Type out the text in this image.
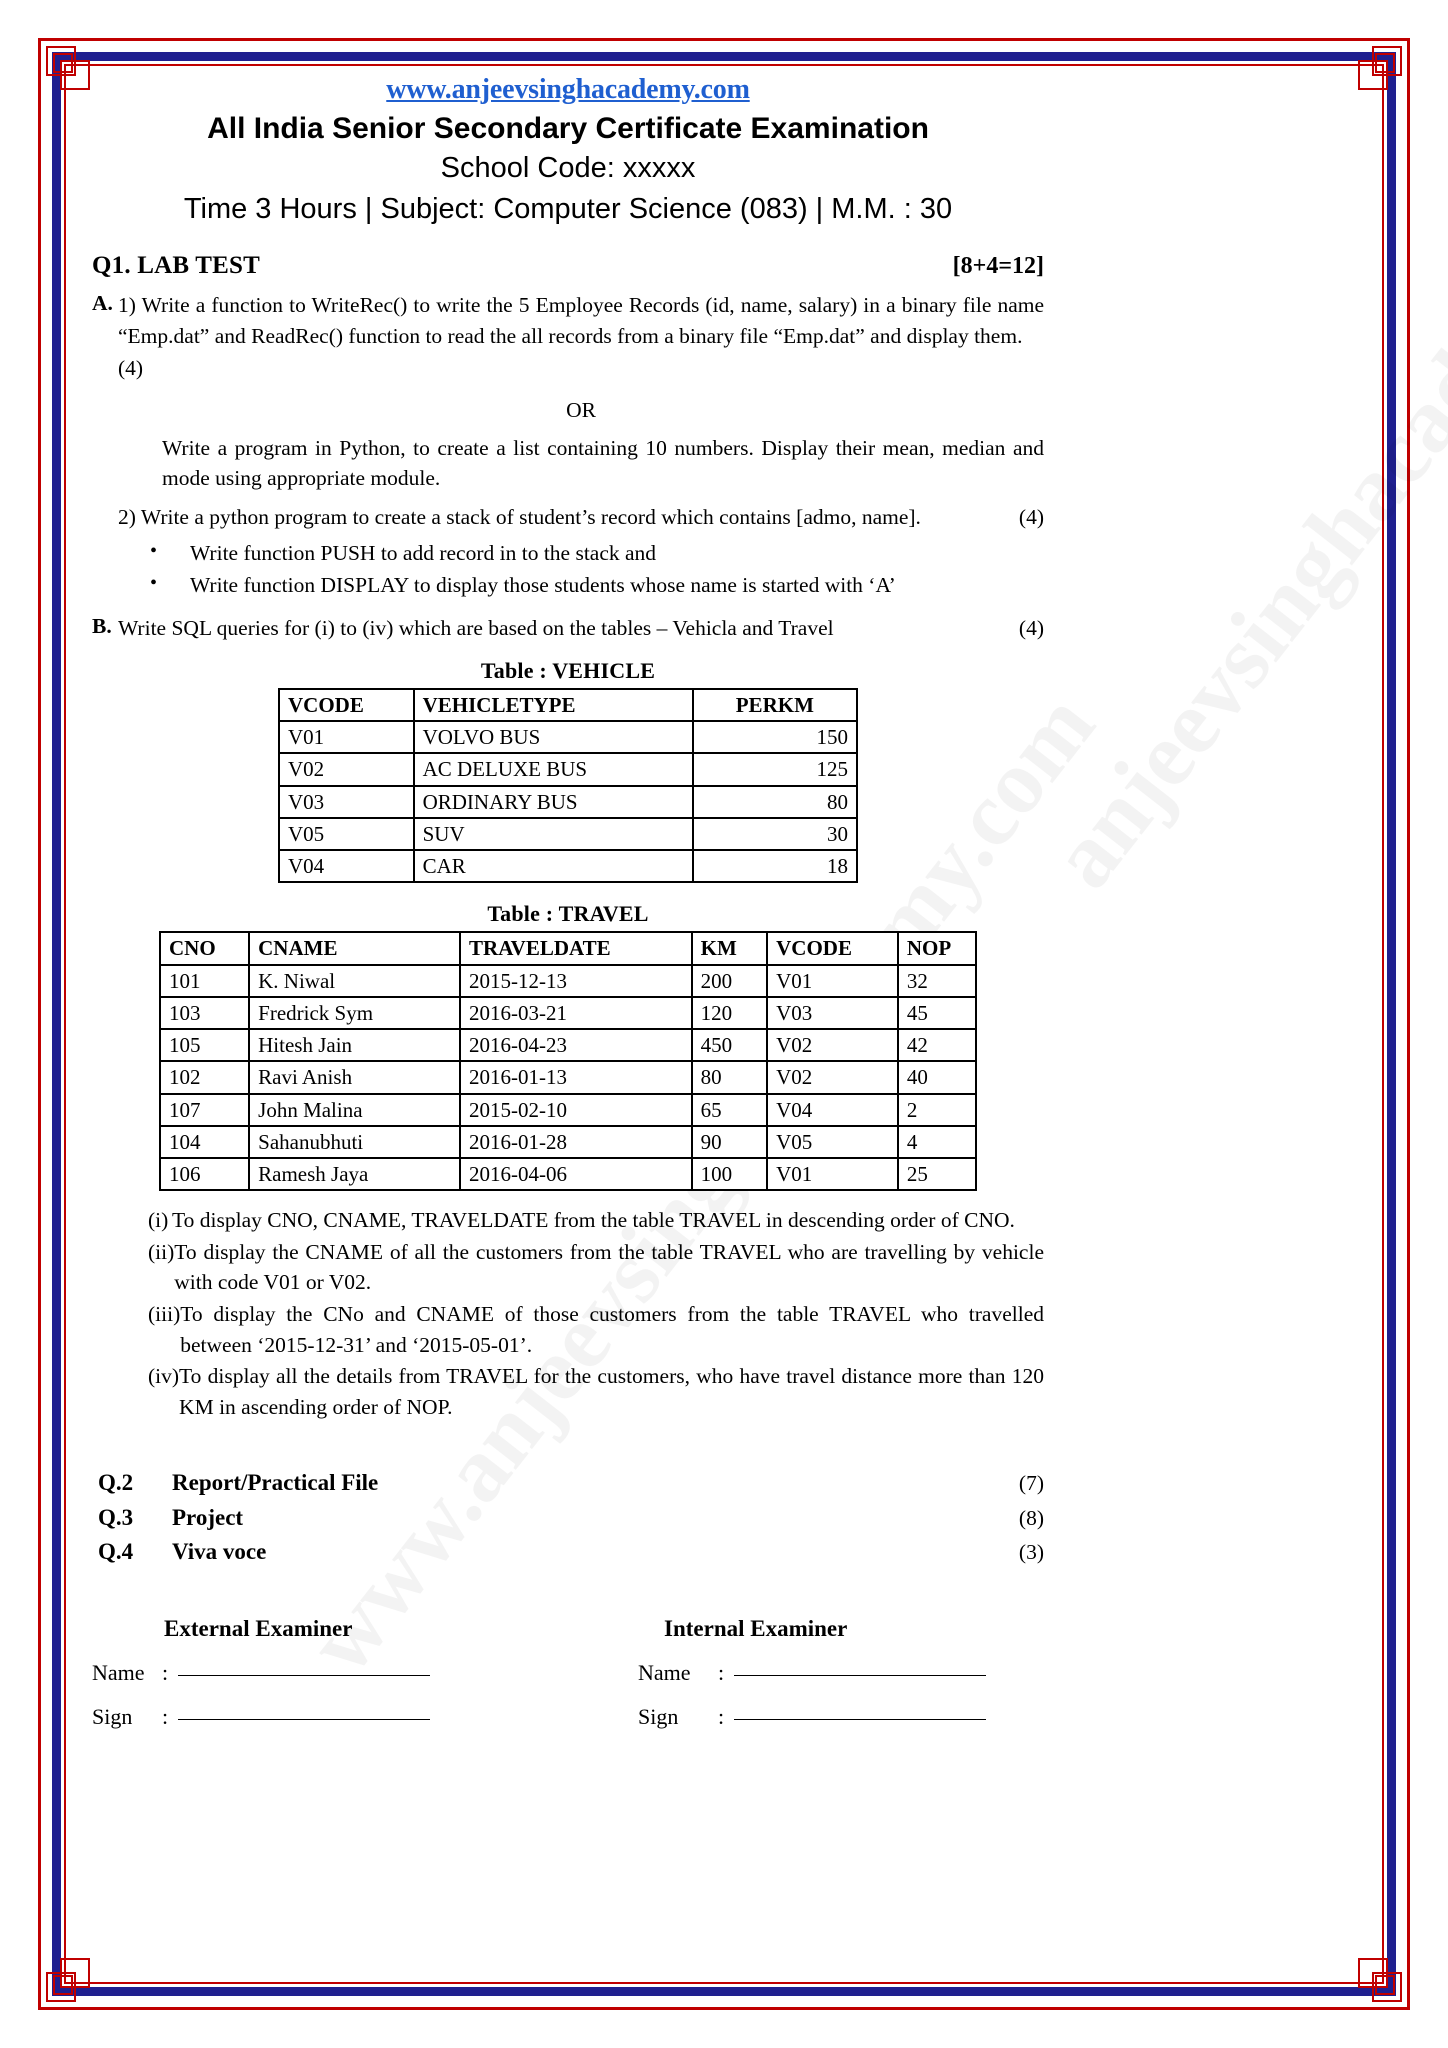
www.anjeevsinghacademy.com
All India Senior Secondary Certificate Examination
School Code: xxxxx
Time 3 Hours | Subject: Computer Science (083) | M.M. : 30
Q1. LAB TEST	[8+4=12]
A. 1) Write a function to WriteRec() to write the 5 Employee Records (id, name, salary) in a binary file name “Emp.dat” and ReadRec() function to read the all records from a binary file “Emp.dat” and display them.
(4)
OR
Write a program in Python, to create a list containing 10 numbers. Display their mean, median and mode using appropriate module.
2) Write a python program to create a stack of student’s record which contains [admo, name].	(4)
• Write function PUSH to add record in to the stack and
• Write function DISPLAY to display those students whose name is started with ‘A’
B. Write SQL queries for (i) to (iv) which are based on the tables – Vehicla and Travel	(4)
Table : VEHICLE
VCODE	VEHICLETYPE	PERKM
V01	VOLVO BUS	150
V02	AC DELUXE BUS	125
V03	ORDINARY BUS	80
V05	SUV	30
V04	CAR	18
Table : TRAVEL
CNO	CNAME	TRAVELDATE	KM	VCODE	NOP
101	K. Niwal	2015-12-13	200	V01	32
103	Fredrick Sym	2016-03-21	120	V03	45
105	Hitesh Jain	2016-04-23	450	V02	42
102	Ravi Anish	2016-01-13	80	V02	40
107	John Malina	2015-02-10	65	V04	2
104	Sahanubhuti	2016-01-28	90	V05	4
106	Ramesh Jaya	2016-04-06	100	V01	25
(i) To display CNO, CNAME, TRAVELDATE from the table TRAVEL in descending order of CNO.
(ii) To display the CNAME of all the customers from the table TRAVEL who are travelling by vehicle with code V01 or V02.
(iii) To display the CNo and CNAME of those customers from the table TRAVEL who travelled between ‘2015-12-31’ and ‘2015-05-01’.
(iv) To display all the details from TRAVEL for the customers, who have travel distance more than 120 KM in ascending order of NOP.
Q.2	Report/Practical File	(7)
Q.3	Project	(8)
Q.4	Viva voce	(3)
External Examiner	Internal Examiner
Name :	Name	:
Sign	:	Sign	:
